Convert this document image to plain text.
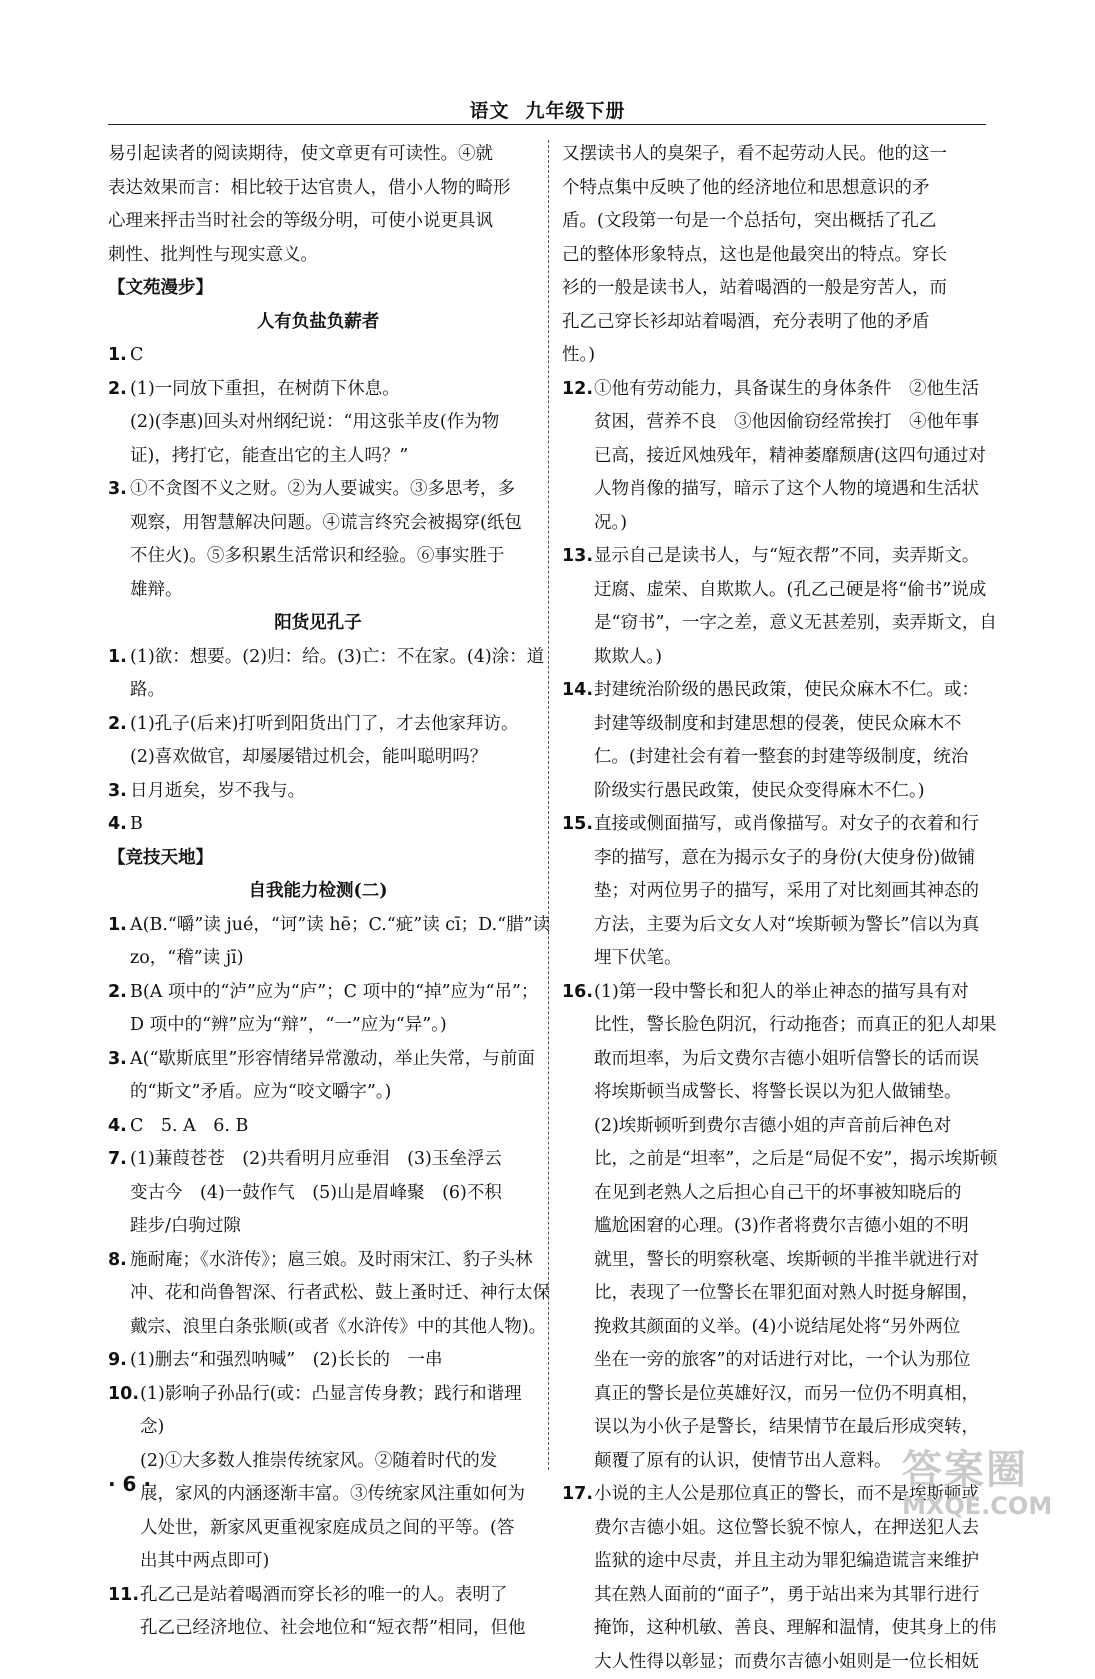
语文 九年级下册
易引起读者的阅读期待，使文章更有可读性。④就
表达效果而言：相比较于达官贵人，借小人物的畸形
心理来抨击当时社会的等级分明，可使小说更具讽
刺性、批判性与现实意义。
【文苑漫步】
人有负盐负薪者
1. C
2. (1)一同放下重担，在树荫下休息。
(2)(李惠)回头对州纲纪说：“用这张羊皮(作为物
证)，拷打它，能查出它的主人吗？”
3. ①不贪图不义之财。②为人要诚实。③多思考，多
观察，用智慧解决问题。④谎言终究会被揭穿(纸包
不住火)。⑤多积累生活常识和经验。⑥事实胜于
雄辩。
阳货见孔子
1. (1)欲：想要。(2)归：给。(3)亡：不在家。(4)涂：道
路。
2. (1)孔子(后来)打听到阳货出门了，才去他家拜访。
(2)喜欢做官，却屡屡错过机会，能叫聪明吗？
3. 日月逝矣，岁不我与。
4. B
【竞技天地】
自我能力检测(二)
1. A(B.“嚼”读 jué，“诃”读 hē；C.“疵”读 cī；D.“腊”读
zo，“稽”读 jī)
2. B(A 项中的“泸”应为“庐”；C 项中的“掉”应为“吊”；
D 项中的“辨”应为“辩”，“一”应为“异”。)
3. A(“歇斯底里”形容情绪异常激动，举止失常，与前面
的“斯文”矛盾。应为“咬文嚼字”。)
4. C　5. A　6. B
7. (1)蒹葭苍苍　(2)共看明月应垂泪　(3)玉垒浮云
变古今　(4)一鼓作气　(5)山是眉峰聚　(6)不积
跬步/白驹过隙
8. 施耐庵；《水浒传》；扈三娘。及时雨宋江、豹子头林
冲、花和尚鲁智深、行者武松、鼓上蚤时迁、神行太保
戴宗、浪里白条张顺(或者《水浒传》中的其他人物)。
9. (1)删去“和强烈呐喊”　(2)长长的　一串
10. (1)影响子孙品行(或：凸显言传身教；践行和谐理
念)
(2)①大多数人推崇传统家风。②随着时代的发
展，家风的内涵逐渐丰富。③传统家风注重如何为
人处世，新家风更重视家庭成员之间的平等。(答
出其中两点即可)
11. 孔乙己是站着喝酒而穿长衫的唯一的人。表明了
孔乙己经济地位、社会地位和“短衣帮”相同，但他
又摆读书人的臭架子，看不起劳动人民。他的这一
个特点集中反映了他的经济地位和思想意识的矛
盾。(文段第一句是一个总括句，突出概括了孔乙
己的整体形象特点，这也是他最突出的特点。穿长
衫的一般是读书人，站着喝酒的一般是穷苦人，而
孔乙己穿长衫却站着喝酒，充分表明了他的矛盾
性。)
12. ①他有劳动能力，具备谋生的身体条件　②他生活
贫困，营养不良　③他因偷窃经常挨打　④他年事
已高，接近风烛残年，精神萎靡颓唐(这四句通过对
人物肖像的描写，暗示了这个人物的境遇和生活状
况。)
13. 显示自己是读书人，与“短衣帮”不同，卖弄斯文。
迂腐、虚荣、自欺欺人。(孔乙己硬是将“偷书”说成
是“窃书”，一字之差，意义无甚差别，卖弄斯文，自
欺欺人。)
14. 封建统治阶级的愚民政策，使民众麻木不仁。或：
封建等级制度和封建思想的侵袭，使民众麻木不
仁。(封建社会有着一整套的封建等级制度，统治
阶级实行愚民政策，使民众变得麻木不仁。)
15. 直接或侧面描写，或肖像描写。对女子的衣着和行
李的描写，意在为揭示女子的身份(大使身份)做铺
垫；对两位男子的描写，采用了对比刻画其神态的
方法，主要为后文女人对“埃斯顿为警长”信以为真
埋下伏笔。
16. (1)第一段中警长和犯人的举止神态的描写具有对
比性，警长脸色阴沉，行动拖沓；而真正的犯人却果
敢而坦率，为后文费尔吉德小姐听信警长的话而误
将埃斯顿当成警长、将警长误以为犯人做铺垫。
(2)埃斯顿听到费尔吉德小姐的声音前后神色对
比，之前是“坦率”，之后是“局促不安”，揭示埃斯顿
在见到老熟人之后担心自己干的坏事被知晓后的
尴尬困窘的心理。(3)作者将费尔吉德小姐的不明
就里，警长的明察秋毫、埃斯顿的半推半就进行对
比，表现了一位警长在罪犯面对熟人时挺身解围，
挽救其颜面的义举。(4)小说结尾处将“另外两位
坐在一旁的旅客”的对话进行对比，一个认为那位
真正的警长是位英雄好汉，而另一位仍不明真相，
误以为小伙子是警长，结果情节在最后形成突转，
颠覆了原有的认识，使情节出人意料。
17. 小说的主人公是那位真正的警长，而不是埃斯顿或
费尔吉德小姐。这位警长貌不惊人，在押送犯人去
监狱的途中尽责，并且主动为罪犯编造谎言来维护
其在熟人面前的“面子”，勇于站出来为其罪行进行
掩饰，这种机敏、善良、理解和温情，使其身上的伟
大人性得以彰显；而费尔吉德小姐则是一位长相妩
· 6 ·	答案圈
MXQE.COM
